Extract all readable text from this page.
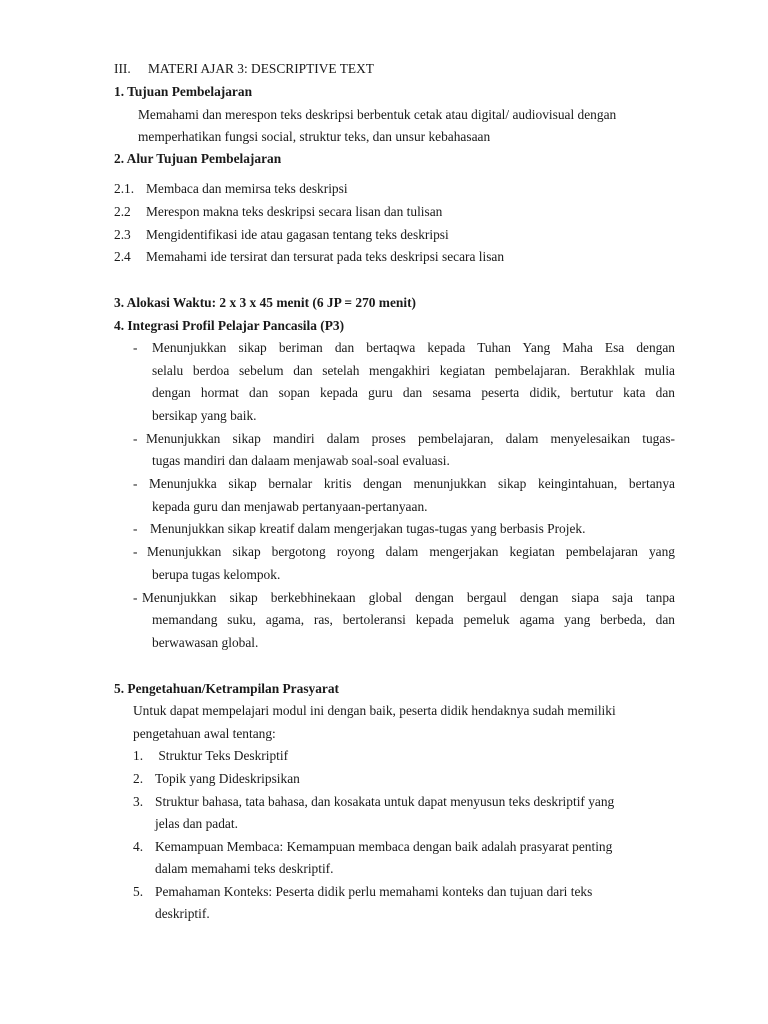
III. MATERI AJAR 3: DESCRIPTIVE TEXT
1. Tujuan Pembelajaran
Memahami dan merespon teks deskripsi berbentuk cetak atau digital/ audiovisual dengan
memperhatikan fungsi social, struktur teks, dan unsur kebahasaan
2. Alur Tujuan Pembelajaran
2.1. Membaca dan memirsa teks deskripsi
2.2 Merespon makna teks deskripsi secara lisan dan tulisan
2.3 Mengidentifikasi ide atau gagasan tentang teks deskripsi
2.4 Memahami ide tersirat dan tersurat pada teks deskripsi secara lisan
3. Alokasi Waktu: 2 x 3 x 45 menit (6 JP = 270 menit)
4. Integrasi Profil Pelajar Pancasila (P3)
- Menunjukkan sikap beriman dan bertaqwa kepada Tuhan Yang Maha Esa dengan
selalu berdoa sebelum dan setelah mengakhiri kegiatan pembelajaran. Berakhlak mulia
dengan hormat dan sopan kepada guru dan sesama peserta didik, bertutur kata dan
bersikap yang baik.
- Menunjukkan sikap mandiri dalam proses pembelajaran, dalam menyelesaikan tugas-
tugas mandiri dan dalaam menjawab soal-soal evaluasi.
- Menunjukka sikap bernalar kritis dengan menunjukkan sikap keingintahuan, bertanya
kepada guru dan menjawab pertanyaan-pertanyaan.
- Menunjukkan sikap kreatif dalam mengerjakan tugas-tugas yang berbasis Projek.
- Menunjukkan sikap bergotong royong dalam mengerjakan kegiatan pembelajaran yang
berupa tugas kelompok.
- Menunjukkan sikap berkebhinekaan global dengan bergaul dengan siapa saja tanpa
memandang suku, agama, ras, bertoleransi kepada pemeluk agama yang berbeda, dan
berwawasan global.
5. Pengetahuan/Ketrampilan Prasyarat
Untuk dapat mempelajari modul ini dengan baik, peserta didik hendaknya sudah memiliki
pengetahuan awal tentang:
1. Struktur Teks Deskriptif
2. Topik yang Dideskripsikan
3. Struktur bahasa, tata bahasa, dan kosakata untuk dapat menyusun teks deskriptif yang
jelas dan padat.
4. Kemampuan Membaca: Kemampuan membaca dengan baik adalah prasyarat penting
dalam memahami teks deskriptif.
5. Pemahaman Konteks: Peserta didik perlu memahami konteks dan tujuan dari teks
deskriptif.
